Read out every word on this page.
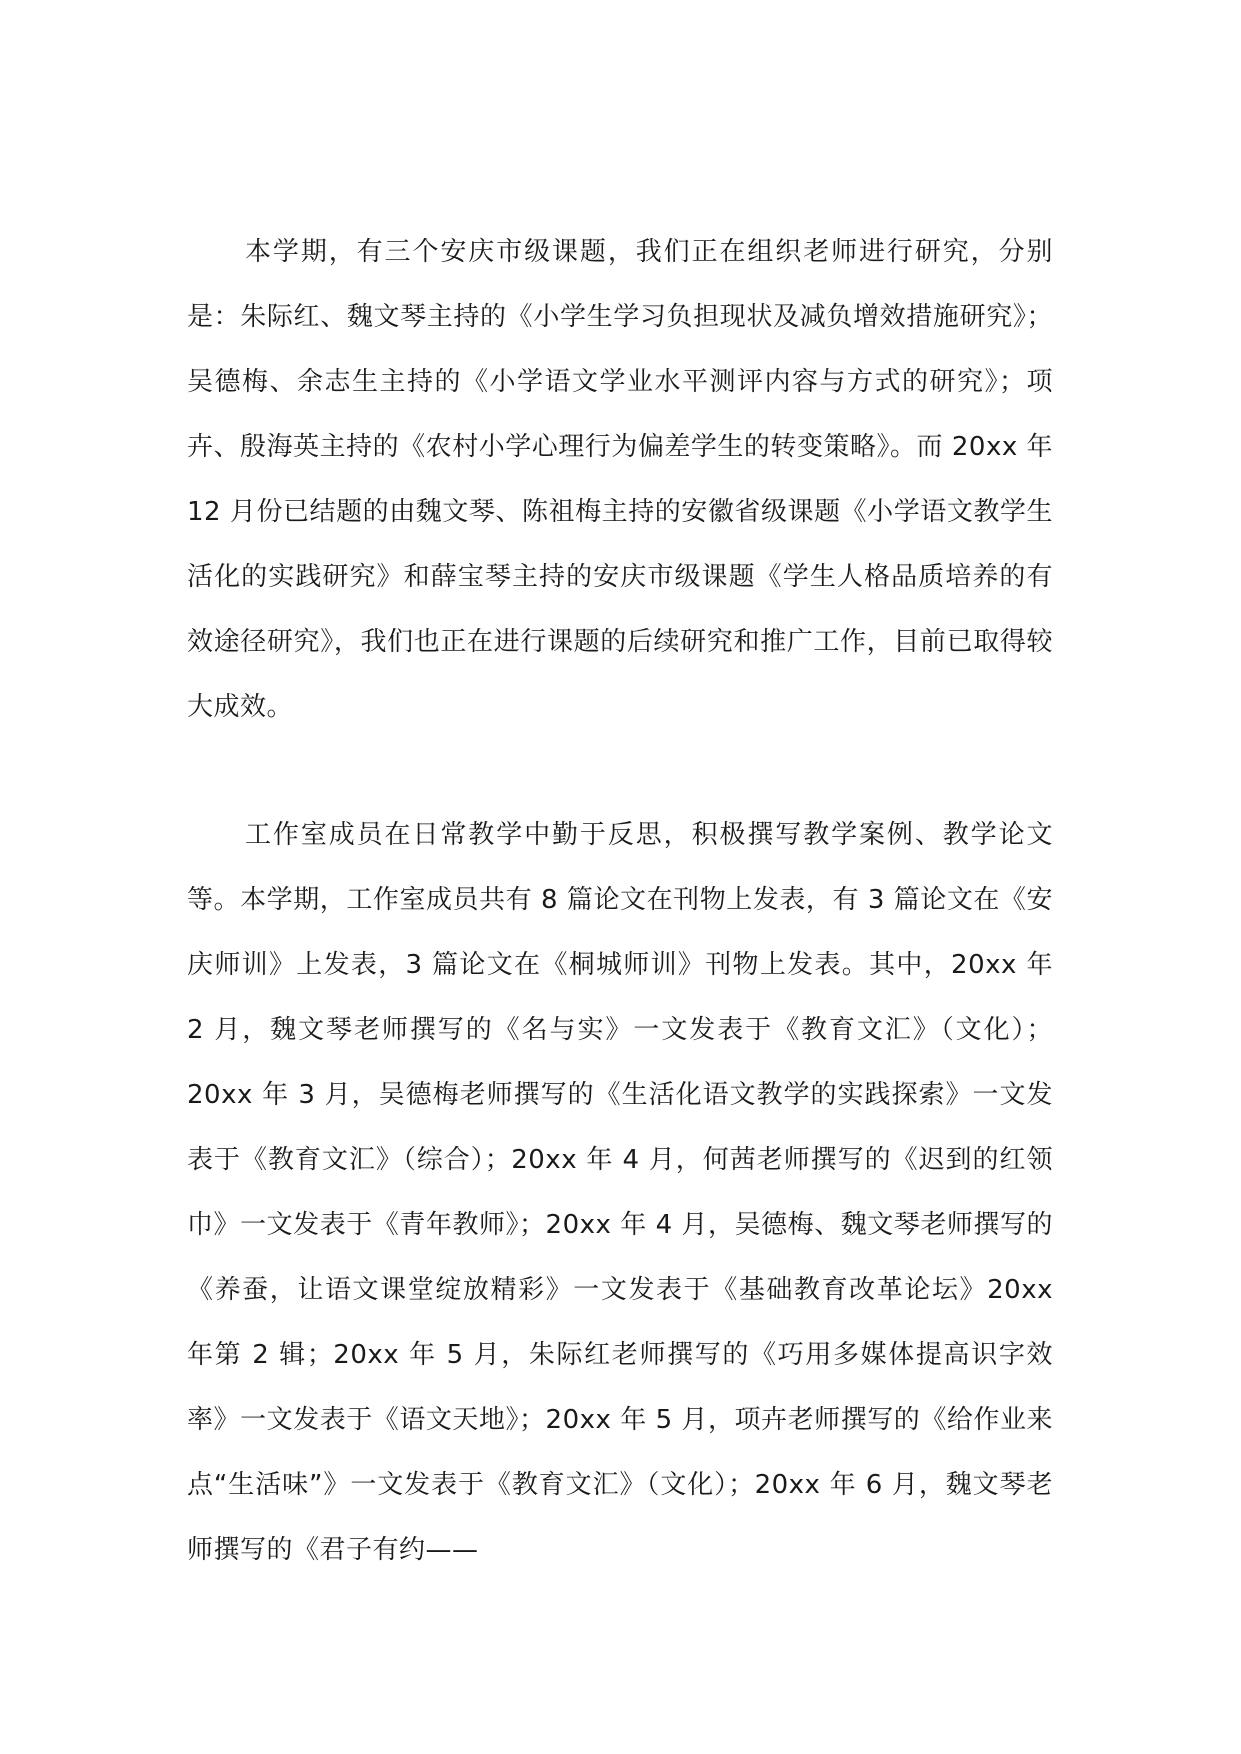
本学期，有三个安庆市级课题，我们正在组织老师进行研究，分别是：朱际红、魏文琴主持的《小学生学习负担现状及减负增效措施研究》；吴德梅、余志生主持的《小学语文学业水平测评内容与方式的研究》；项卉、殷海英主持的《农村小学心理行为偏差学生的转变策略》。而 20xx 年 12 月份已结题的由魏文琴、陈祖梅主持的安徽省级课题《小学语文教学生活化的实践研究》和薛宝琴主持的安庆市级课题《学生人格品质培养的有效途径研究》，我们也正在进行课题的后续研究和推广工作，目前已取得较大成效。

工作室成员在日常教学中勤于反思，积极撰写教学案例、教学论文等。本学期，工作室成员共有 8 篇论文在刊物上发表，有 3 篇论文在《安庆师训》上发表，3 篇论文在《桐城师训》刊物上发表。其中，20xx 年 2 月，魏文琴老师撰写的《名与实》一文发表于《教育文汇》（文化）；20xx 年 3 月，吴德梅老师撰写的《生活化语文教学的实践探索》一文发表于《教育文汇》（综合）；20xx 年 4 月，何茜老师撰写的《迟到的红领巾》一文发表于《青年教师》；20xx 年 4 月，吴德梅、魏文琴老师撰写的《养蚕，让语文课堂绽放精彩》一文发表于《基础教育改革论坛》20xx 年第 2 辑；20xx 年 5 月，朱际红老师撰写的《巧用多媒体提高识字效率》一文发表于《语文天地》；20xx 年 5 月，项卉老师撰写的《给作业来点“生活味”》一文发表于《教育文汇》（文化）；20xx 年 6 月，魏文琴老师撰写的《君子有约——
